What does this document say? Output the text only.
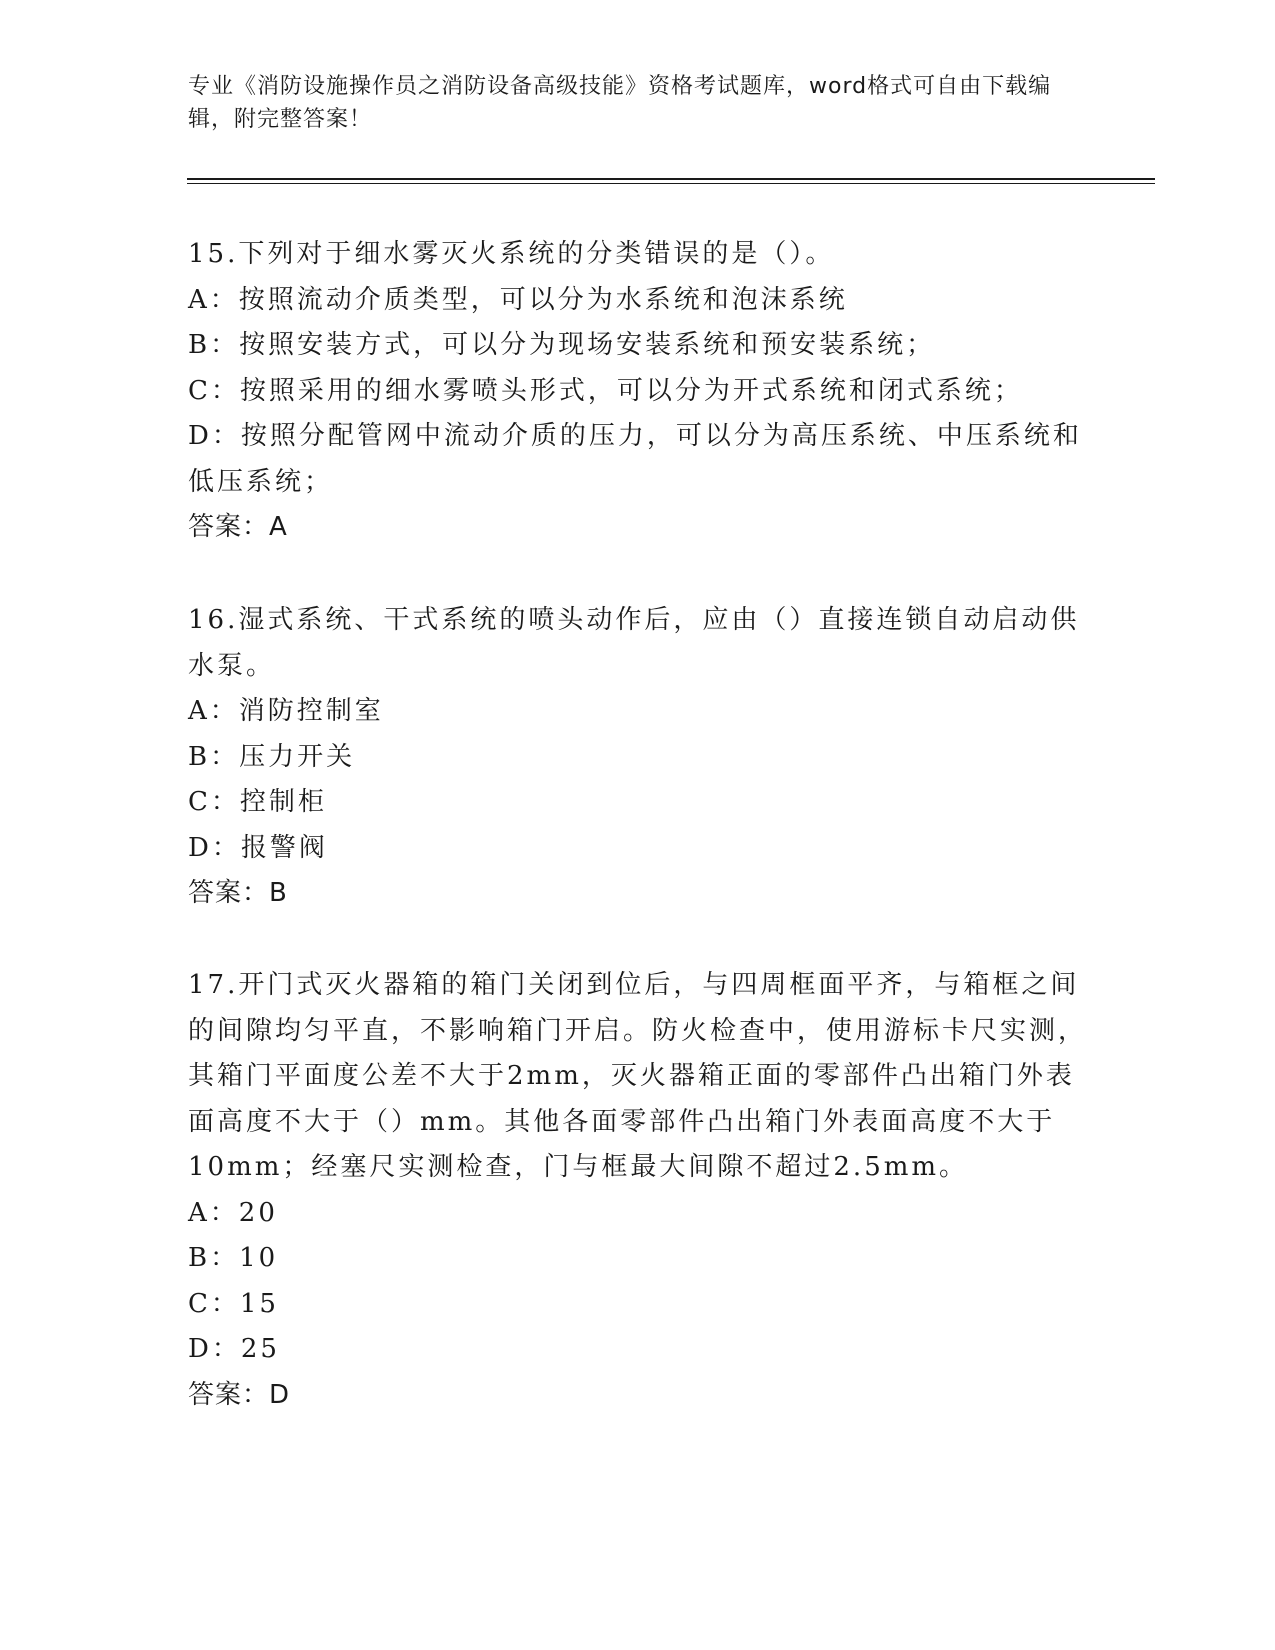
专业《消防设施操作员之消防设备高级技能》资格考试题库，word格式可自由下载编辑，附完整答案！

15.下列对于细水雾灭火系统的分类错误的是（）。

A：按照流动介质类型，可以分为水系统和泡沫系统

B：按照安装方式，可以分为现场安装系统和预安装系统；

C：按照采用的细水雾喷头形式，可以分为开式系统和闭式系统；

D：按照分配管网中流动介质的压力，可以分为高压系统、中压系统和低压系统；

答案：A

16.湿式系统、干式系统的喷头动作后，应由（）直接连锁自动启动供水泵。

A：消防控制室

B：压力开关

C：控制柜

D：报警阀

答案：B

17.开门式灭火器箱的箱门关闭到位后，与四周框面平齐，与箱框之间的间隙均匀平直，不影响箱门开启。防火检查中，使用游标卡尺实测，其箱门平面度公差不大于2mm，灭火器箱正面的零部件凸出箱门外表面高度不大于（）mm。其他各面零部件凸出箱门外表面高度不大于10mm；经塞尺实测检查，门与框最大间隙不超过2.5mm。

A：20

B：10

C：15

D：25

答案：D
